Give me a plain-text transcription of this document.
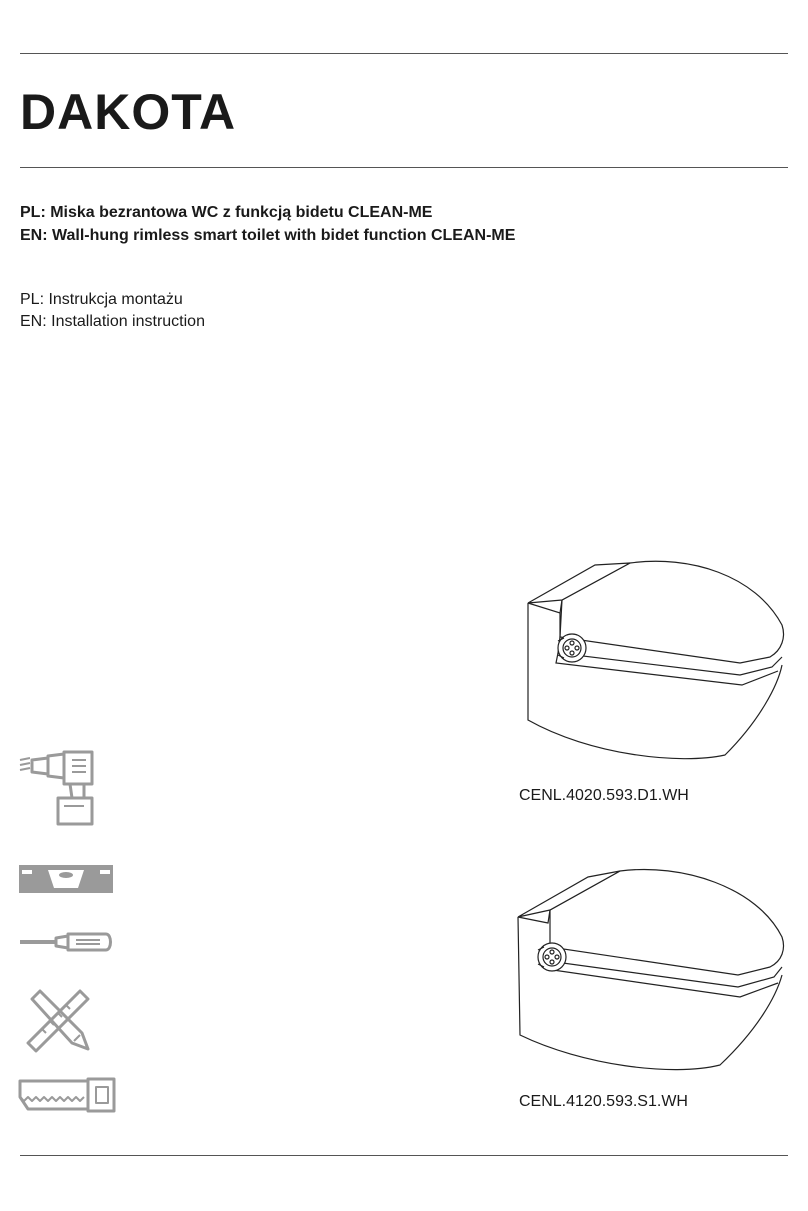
DAKOTA
PL: Miska bezrantowa WC z funkcją bidetu CLEAN-ME
EN: Wall-hung rimless smart toilet with bidet function CLEAN-ME
PL: Instrukcja montażu
EN: Installation instruction
CENL.4020.593.D1.WH
CENL.4120.593.S1.WH
